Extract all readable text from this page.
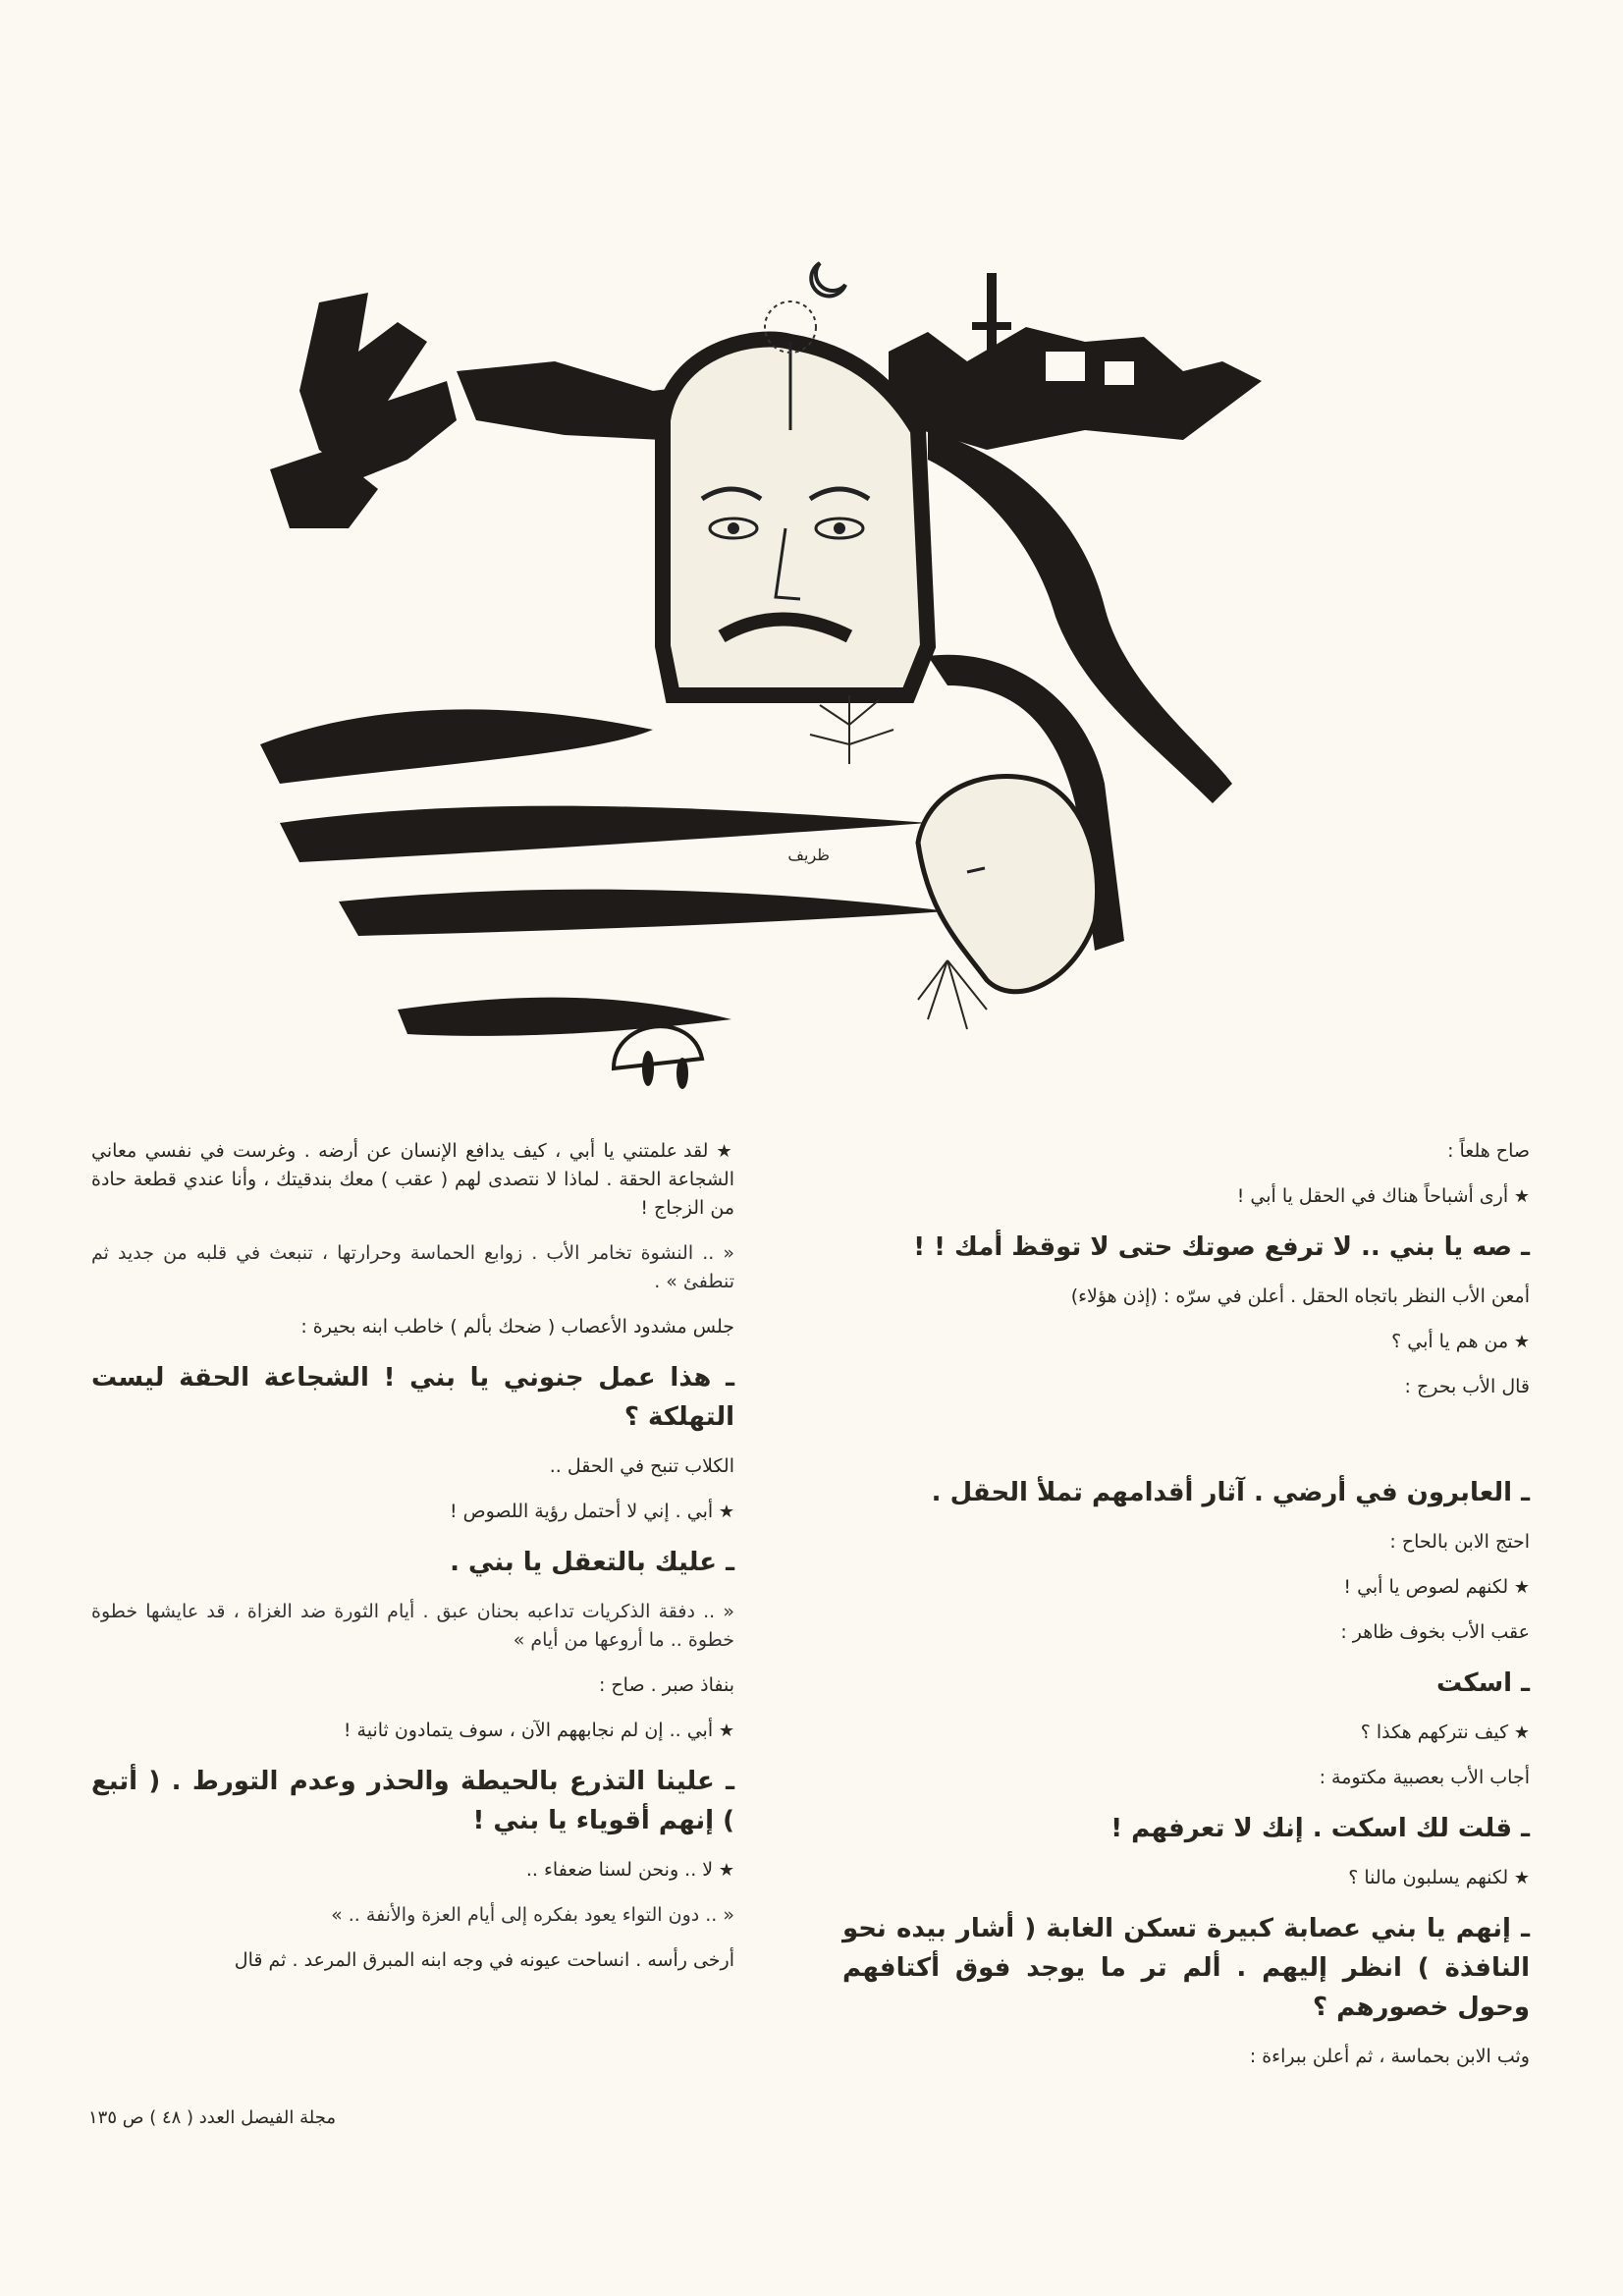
ظريف
صاح هلعاً :
★ أرى أشباحاً هناك في الحقل يا أبي !
ـ صه يا بني .. لا ترفع صوتك حتى لا توقظ أمك ! !
أمعن الأب النظر باتجاه الحقل . أعلن في سرّه : (إذن هؤلاء)
★ من هم يا أبي ؟
قال الأب بحرج :
ـ العابرون في أرضي . آثار أقدامهم تملأ الحقل .
احتج الابن بالحاح :
★ لكنهم لصوص يا أبي !
عقب الأب بخوف ظاهر :
ـ اسكت
★ كيف نتركهم هكذا ؟
أجاب الأب بعصبية مكتومة :
ـ قلت لك اسكت . إنك لا تعرفهم !
★ لكنهم يسلبون مالنا ؟
ـ إنهم يا بني عصابة كبيرة تسكن الغابة ( أشار بيده نحو النافذة ) انظر إليهم . ألم تر ما يوجد فوق أكتافهم وحول خصورهم ؟
وثب الابن بحماسة ، ثم أعلن ببراءة :
★ لقد علمتني يا أبي ، كيف يدافع الإنسان عن أرضه . وغرست في نفسي معاني الشجاعة الحقة . لماذا لا نتصدى لهم ( عقب ) معك بندقيتك ، وأنا عندي قطعة حادة من الزجاج !
« .. النشوة تخامر الأب . زوابع الحماسة وحرارتها ، تنبعث في قلبه من جديد ثم تنطفئ » .
جلس مشدود الأعصاب ( ضحك بألم ) خاطب ابنه بحيرة :
ـ هذا عمل جنوني يا بني ! الشجاعة الحقة ليست التهلكة ؟
الكلاب تنبح في الحقل ..
★ أبي . إني لا أحتمل رؤية اللصوص !
ـ عليك بالتعقل يا بني .
« .. دفقة الذكريات تداعبه بحنان عبق . أيام الثورة ضد الغزاة ، قد عايشها خطوة خطوة .. ما أروعها من أيام »
بنفاذ صبر . صاح :
★ أبي .. إن لم نجابههم الآن ، سوف يتمادون ثانية !
ـ علينا التذرع بالحيطة والحذر وعدم التورط . ( أتبع ) إنهم أقوياء يا بني !
★ لا .. ونحن لسنا ضعفاء ..
« .. دون التواء يعود بفكره إلى أيام العزة والأنفة .. »
أرخى رأسه . انساحت عيونه في وجه ابنه المبرق المرعد . ثم قال
مجلة الفيصل العدد ( ٤٨ ) ص ١٣٥
